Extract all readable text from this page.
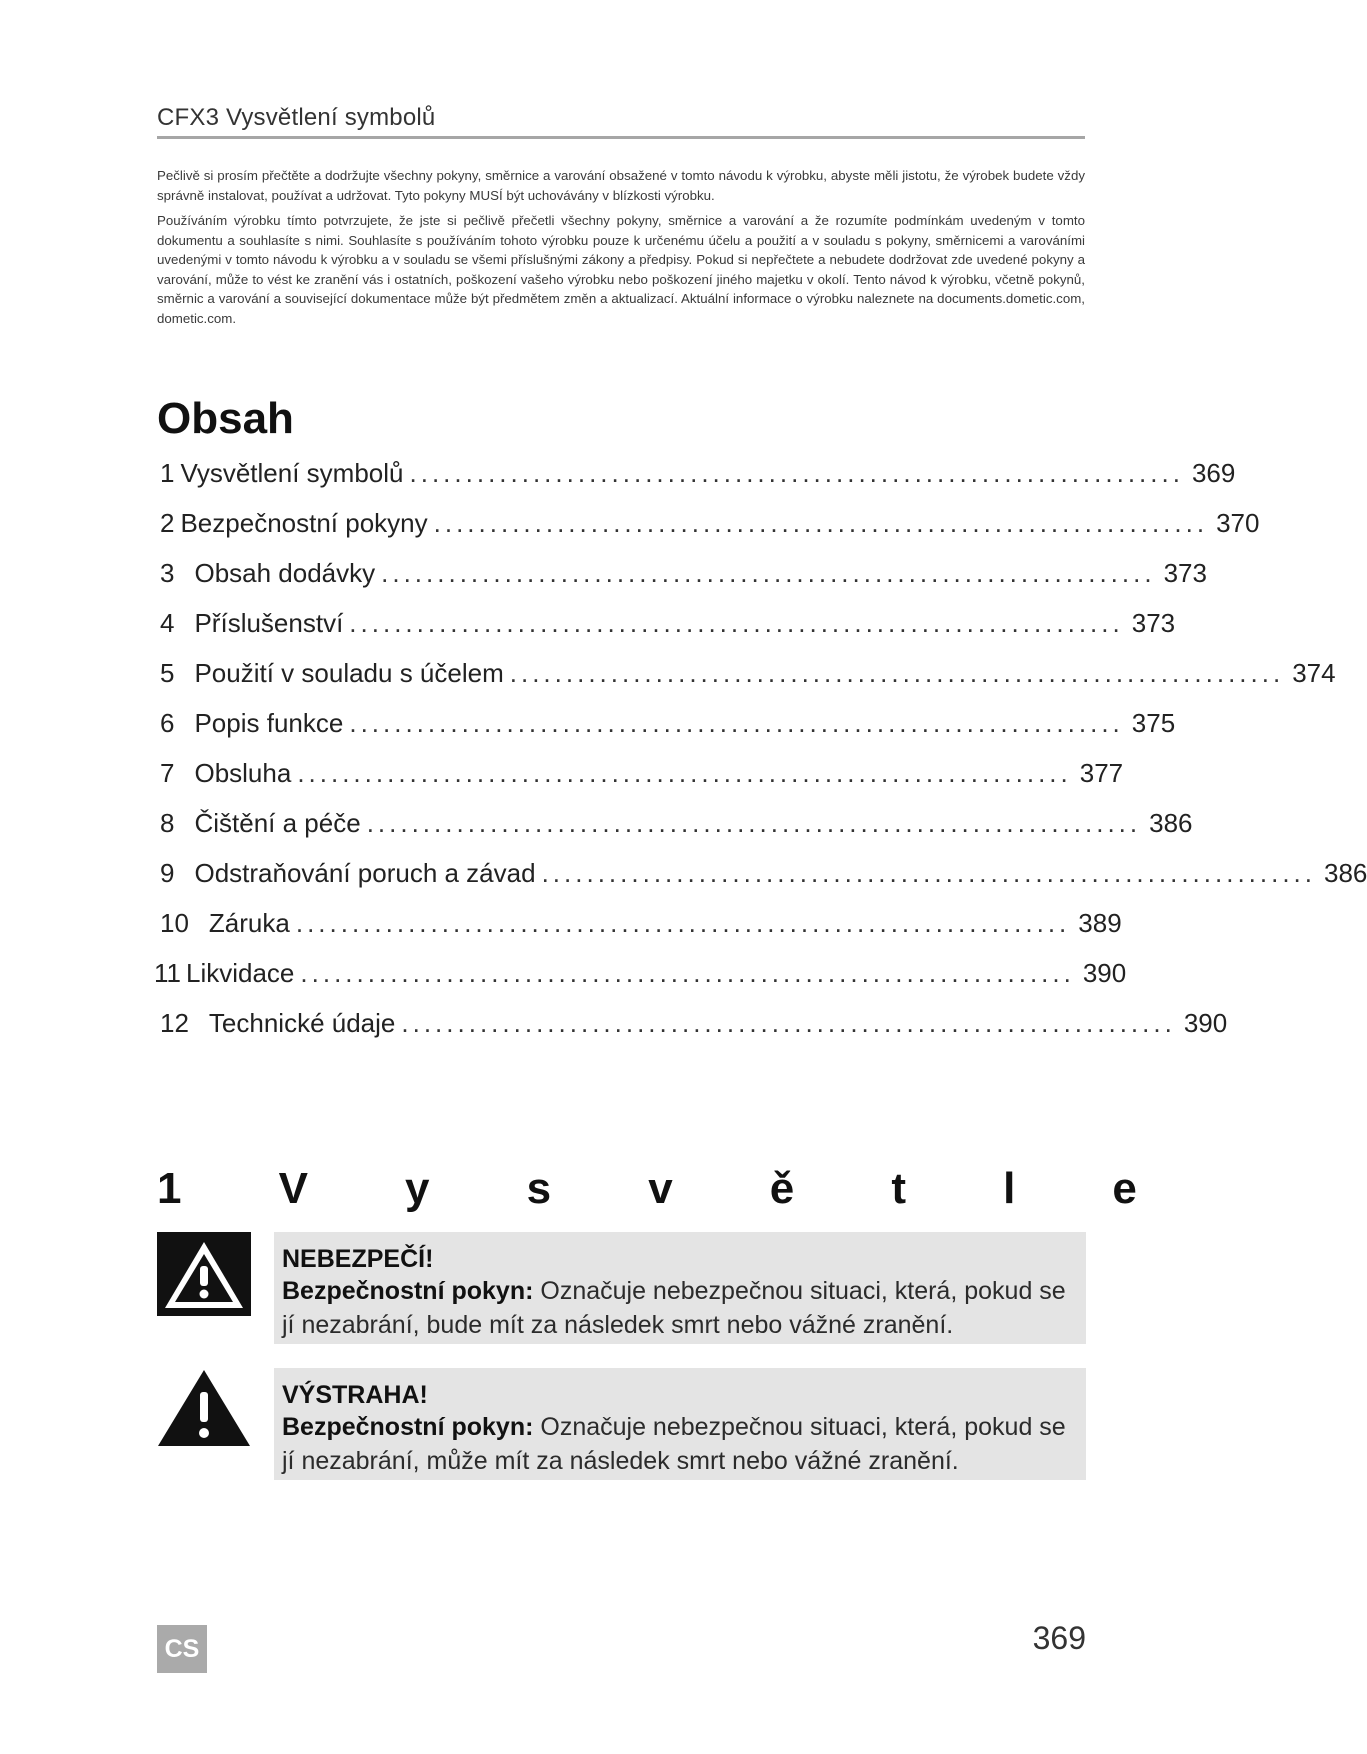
CFX3 Vysvětlení symbolů
Pečlivě si prosím přečtěte a dodržujte všechny pokyny, směrnice a varování obsažené v tomto návodu k výrobku, abyste měli jistotu, že výrobek budete vždy správně instalovat, používat a udržovat. Tyto pokyny MUSÍ být uchovávány v blízkosti výrobku.
Používáním výrobku tímto potvrzujete, že jste si pečlivě přečetli všechny pokyny, směrnice a varování a že rozumíte podmínkám uvedeným v tomto dokumentu a souhlasíte s nimi. Souhlasíte s používáním tohoto výrobku pouze k určenému účelu a použití a v souladu s pokyny, směrnicemi a varováními uvedenými v tomto návodu k výrobku a v souladu se všemi příslušnými zákony a předpisy. Pokud si nepřečtete a nebudete dodržovat zde uvedené pokyny a varování, může to vést ke zranění vás i ostatních, poškození vašeho výrobku nebo poškození jiného majetku v okolí. Tento návod k výrobku, včetně pokynů, směrnic a varování a související dokumentace může být předmětem změn a aktualizací. Aktuální informace o výrobku naleznete na documents.dometic.com, dometic.com.
Obsah
1 Vysvětlení symbolů ..................................................................... 369
2 Bezpečnostní pokyny ..................................................................... 370
3 Obsah dodávky ..................................................................... 373
4 Příslušenství ..................................................................... 373
5 Použití v souladu s účelem ..................................................................... 374
6 Popis funkce ..................................................................... 375
7 Obsluha ..................................................................... 377
8 Čištění a péče ..................................................................... 386
9 Odstraňování poruch a závad ..................................................................... 386
10 Záruka ..................................................................... 389
11 Likvidace ..................................................................... 390
12 Technické údaje ..................................................................... 390
1 V y s v ě t l e
NEBEZPEČÍ!
Bezpečnostní pokyn: Označuje nebezpečnou situaci, která, pokud se jí nezabrání, bude mít za následek smrt nebo vážné zranění.
VÝSTRAHA!
Bezpečnostní pokyn: Označuje nebezpečnou situaci, která, pokud se jí nezabrání, může mít za následek smrt nebo vážné zranění.
CS	369
